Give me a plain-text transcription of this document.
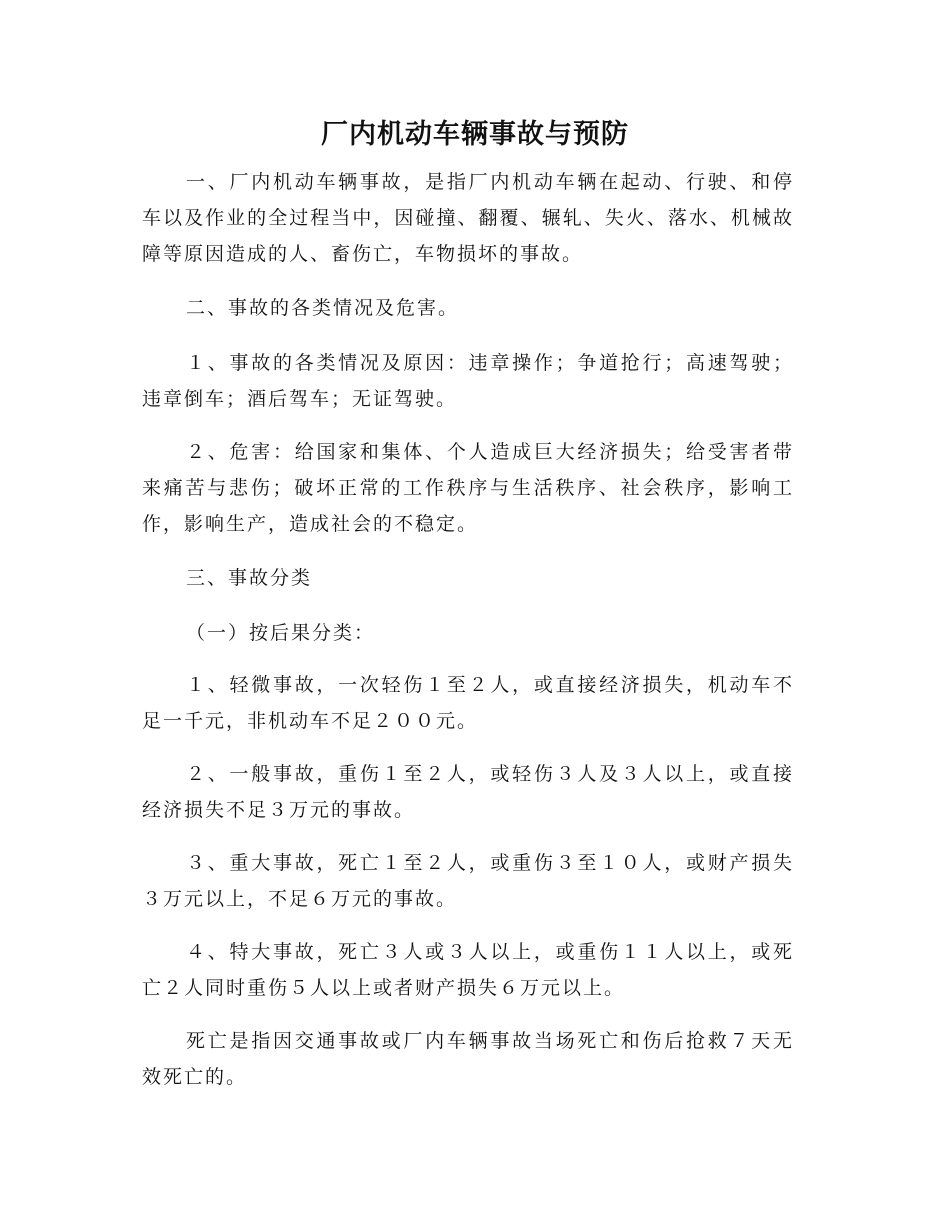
厂内机动车辆事故与预防

一、厂内机动车辆事故，是指厂内机动车辆在起动、行驶、和停车以及作业的全过程当中，因碰撞、翻覆、辗轧、失火、落水、机械故障等原因造成的人、畜伤亡，车物损坏的事故。

二、事故的各类情况及危害。

１、事故的各类情况及原因：违章操作；争道抢行；高速驾驶；违章倒车；酒后驾车；无证驾驶。

２、危害：给国家和集体、个人造成巨大经济损失；给受害者带来痛苦与悲伤；破坏正常的工作秩序与生活秩序、社会秩序，影响工作，影响生产，造成社会的不稳定。

三、事故分类

（一）按后果分类：

１、轻微事故，一次轻伤１至２人，或直接经济损失，机动车不足一千元，非机动车不足２００元。

２、一般事故，重伤１至２人，或轻伤３人及３人以上，或直接经济损失不足３万元的事故。

３、重大事故，死亡１至２人，或重伤３至１０人，或财产损失３万元以上，不足６万元的事故。

４、特大事故，死亡３人或３人以上，或重伤１１人以上，或死亡２人同时重伤５人以上或者财产损失６万元以上。

死亡是指因交通事故或厂内车辆事故当场死亡和伤后抢救７天无效死亡的。
